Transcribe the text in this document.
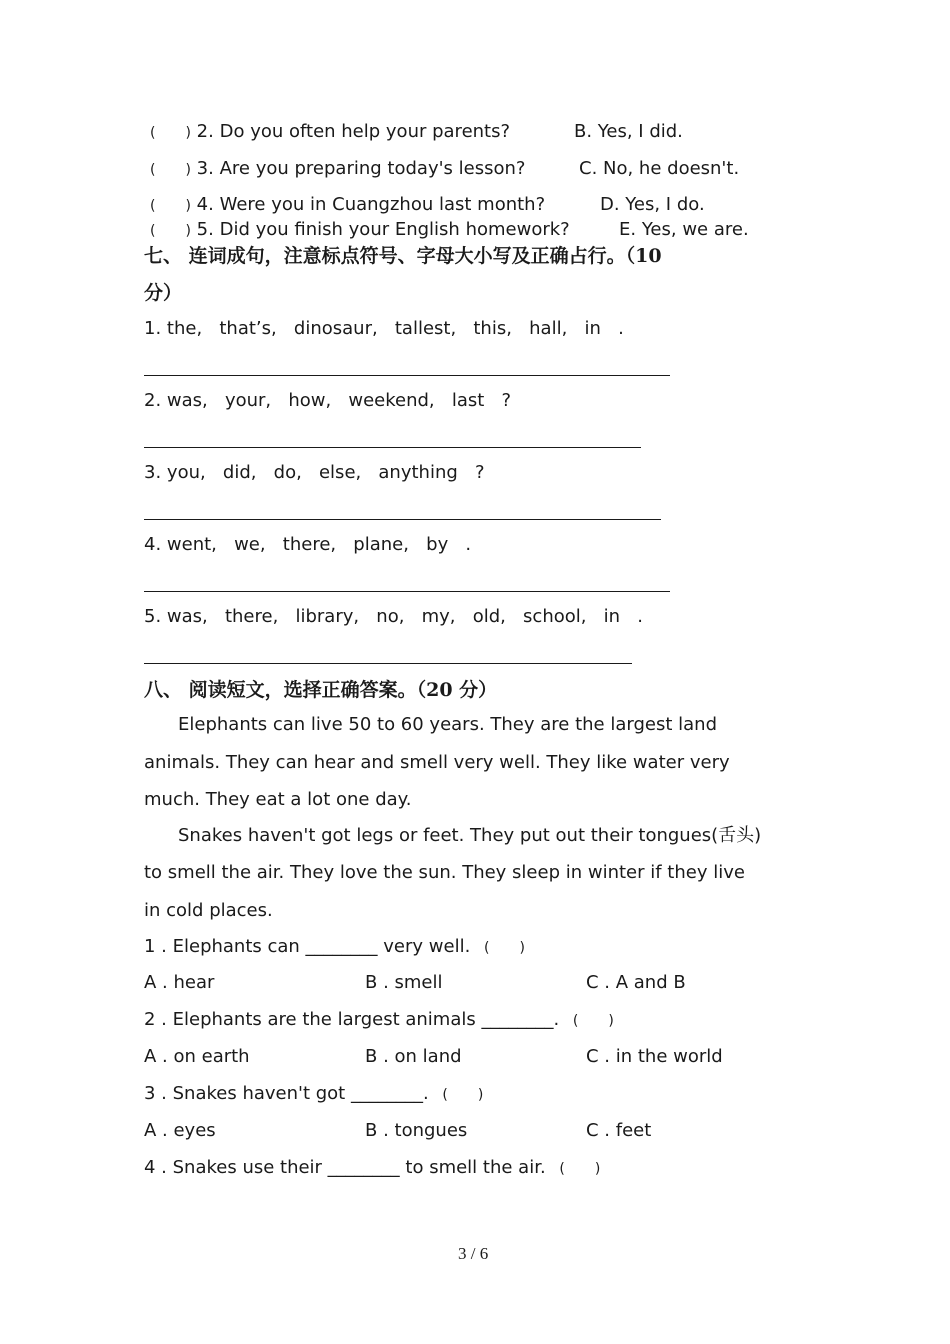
( ) 2. Do you often help your parents?	B. Yes, I did.
( ) 3. Are you preparing today's lesson?	C. No, he doesn't.
( ) 4. Were you in Cuangzhou last month?	D. Yes, I do.
( ) 5. Did you finish your English homework?	E. Yes, we are.
七、 连词成句，注意标点符号、字母大小写及正确占行。（10
分）
1. the, that’s, dinosaur, tallest, this, hall, in .
2. was, your, how, weekend, last ?
3. you, did, do, else, anything ?
4. went, we, there, plane, by .
5. was, there, library, no, my, old, school, in .
八、 阅读短文，选择正确答案。（20 分）
Elephants can live 50 to 60 years. They are the largest land
animals. They can hear and smell very well. They like water very
much. They eat a lot one day.
Snakes haven't got legs or feet. They put out their tongues(舌头)
to smell the air. They love the sun. They sleep in winter if they live
in cold places.
1 . Elephants can ________ very well. ( )
A . hear	B . smell	C . A and B
2 . Elephants are the largest animals ________. ( )
A . on earth	B . on land	C . in the world
3 . Snakes haven't got ________. ( )
A . eyes	B . tongues	C . feet
4 . Snakes use their ________ to smell the air. ( )
3 / 6
